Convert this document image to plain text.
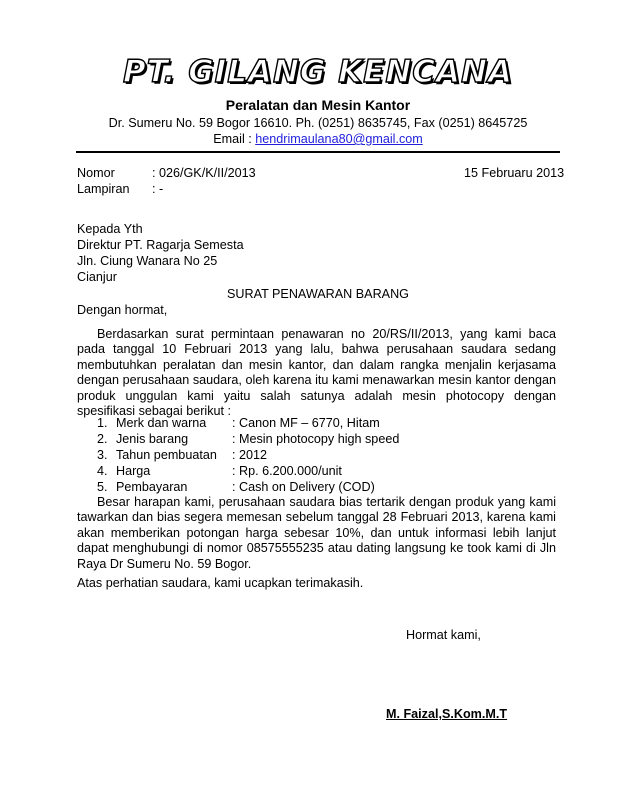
PT. GILANG KENCANA
Peralatan dan Mesin Kantor
Dr. Sumeru No. 59 Bogor 16610. Ph. (0251) 8635745, Fax (0251) 8645725
Email : hendrimaulana80@gmail.com
Nomor	: 026/GK/K/II/2013	15 Februaru 2013
Lampiran : -
Kepada Yth
Direktur PT. Ragarja Semesta
Jln. Ciung Wanara No 25
Cianjur
SURAT PENAWARAN BARANG
Dengan hormat,
Berdasarkan surat permintaan penawaran no 20/RS/II/2013, yang kami baca pada tanggal 10 Februari 2013 yang lalu, bahwa perusahaan saudara sedang membutuhkan peralatan dan mesin kantor, dan dalam rangka menjalin kerjasama dengan perusahaan saudara, oleh karena itu kami menawarkan mesin kantor dengan produk unggulan kami yaitu salah satunya adalah mesin photocopy dengan spesifikasi sebagai berikut :
1. Merk dan warna : Canon MF – 6770, Hitam
2. Jenis barang	: Mesin photocopy high speed
3. Tahun pembuatan : 2012
4. Harga	: Rp. 6.200.000/unit
5. Pembayaran	: Cash on Delivery (COD)
Besar harapan kami, perusahaan saudara bias tertarik dengan produk yang kami tawarkan dan bias segera memesan sebelum tanggal 28 Februari 2013, karena kami akan memberikan potongan harga sebesar 10%, dan untuk informasi lebih lanjut dapat menghubungi di nomor 08575555235 atau dating langsung ke took kami di Jln Raya Dr Sumeru No. 59 Bogor.
Atas perhatian saudara, kami ucapkan terimakasih.
Hormat kami,
M. Faizal,S.Kom.M.T
